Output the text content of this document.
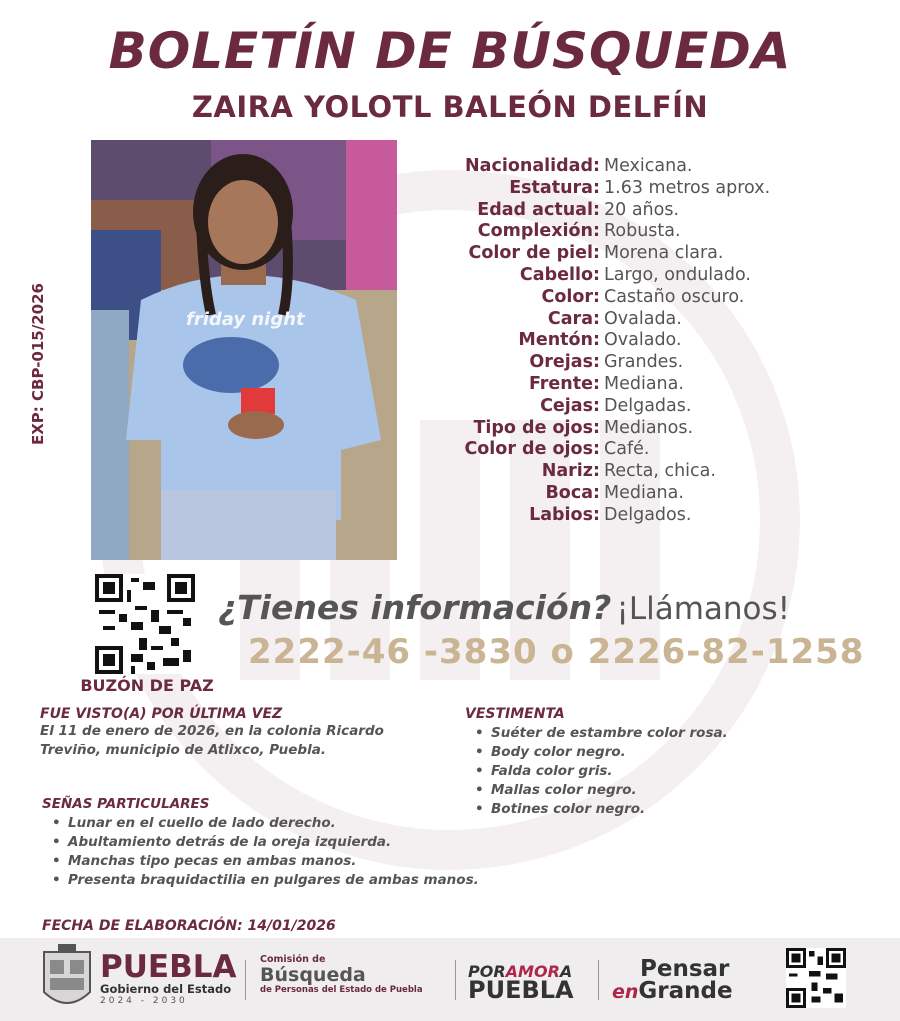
BOLETÍN DE BÚSQUEDA
ZAIRA YOLOTL BALEÓN DELFÍN
EXP: CBP-015/2026	friday night
Nacionalidad: Mexicana.
Estatura: 1.63 metros aprox.
Edad actual: 20 años.
Complexión: Robusta.
Color de piel: Morena clara.
Cabello: Largo, ondulado.
Color: Castaño oscuro.
Cara: Ovalada.
Mentón: Ovalado.
Orejas: Grandes.
Frente: Mediana.
Cejas: Delgadas.
Tipo de ojos: Medianos.
Color de ojos: Café.
Nariz: Recta, chica.
Boca: Mediana.
Labios: Delgados.
BUZÓN DE PAZ
¿Tienes información? ¡Llámanos!
2222-46 -3830 o 2226-82-1258
FUE VISTO(A) POR ÚLTIMA VEZ
El 11 de enero de 2026, en la colonia Ricardo Treviño, municipio de Atlixco, Puebla.
VESTIMENTA
• Suéter de estambre color rosa.
• Body color negro.
• Falda color gris.
• Mallas color negro.
• Botines color negro.
SEÑAS PARTICULARES
• Lunar en el cuello de lado derecho.
• Abultamiento detrás de la oreja izquierda.
• Manchas tipo pecas en ambas manos.
• Presenta braquidactilia en pulgares de ambas manos.
FECHA DE ELABORACIÓN: 14/01/2026
PUEBLA
Gobierno del Estado
2024 - 2030
Comisión de
Búsqueda
de Personas del Estado de Puebla
PORAMORA
PUEBLA
Pensar
enGrande
